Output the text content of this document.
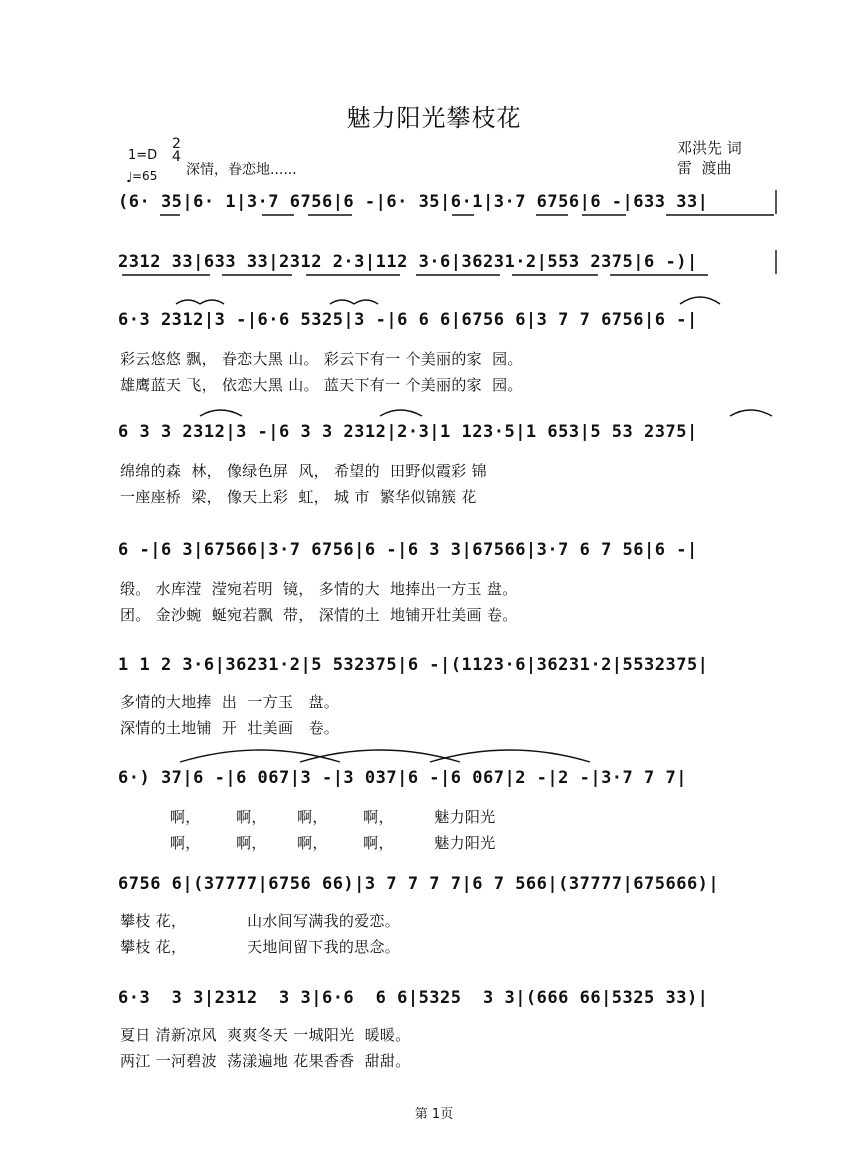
魅力阳光攀枝花
邓洪先 词
雷  渡曲
1=D
2
4
♩ =65 深情，眷恋地......
(6· 35|6· 1|3·7 6756|6 -|6· 35|6·1|3·7 6756|6 -|633 33|
2312 33|633 33|2312 2·3|112 3·6|36231·2|553 2375|6 -)|
6·3 2312|3 -|6·6 5325|3 -|6 6 6|6756 6|3 7 7 6756|6 -|
彩云悠悠 飘， 眷恋大黑 山。 彩云下有一 个美丽的家  园。
雄鹰蓝天 飞， 依恋大黑 山。 蓝天下有一 个美丽的家  园。
6 3 3 2312|3 -|6 3 3 2312|2·3|1 123·5|1 653|5 53 2375|
绵绵的森  林， 像绿色屏  风， 希望的  田野似霞彩 锦
一座座桥  梁， 像天上彩  虹， 城 市  繁华似锦簇 花
6 -|6 3|67566|3·7 6756|6 -|6 3 3|67566|3·7 6 7 56|6 -|
缎。 水库滢  滢宛若明  镜， 多情的大  地捧出一方玉 盘。
团。 金沙蜿  蜒宛若飘  带， 深情的土  地铺开壮美画 卷。
1 1 2 3·6|36231·2|5 532375|6 -|(1123·6|36231·2|5532375|
多情的大地捧  出  一方玉   盘。
深情的土地铺  开  壮美画   卷。
6·) 37|6 -|6 067|3 -|3 037|6 -|6 067|2 -|2 -|3·7 7 7|
啊，       啊，      啊，       啊，        魅力阳光
啊，       啊，      啊，       啊，        魅力阳光
6756 6|(37777|6756 66)|3 7 7 7 7|6 7 566|(37777|675666)|
攀枝 花，            山水间写满我的爱恋。
攀枝 花，            天地间留下我的思念。
6·3  3 3|2312  3 3|6·6  6 6|5325  3 3|(666 66|5325 33)|
夏日 清新凉风  爽爽冬天 一城阳光  暖暖。
两江 一河碧波  荡漾遍地 花果香香  甜甜。
第 1页
